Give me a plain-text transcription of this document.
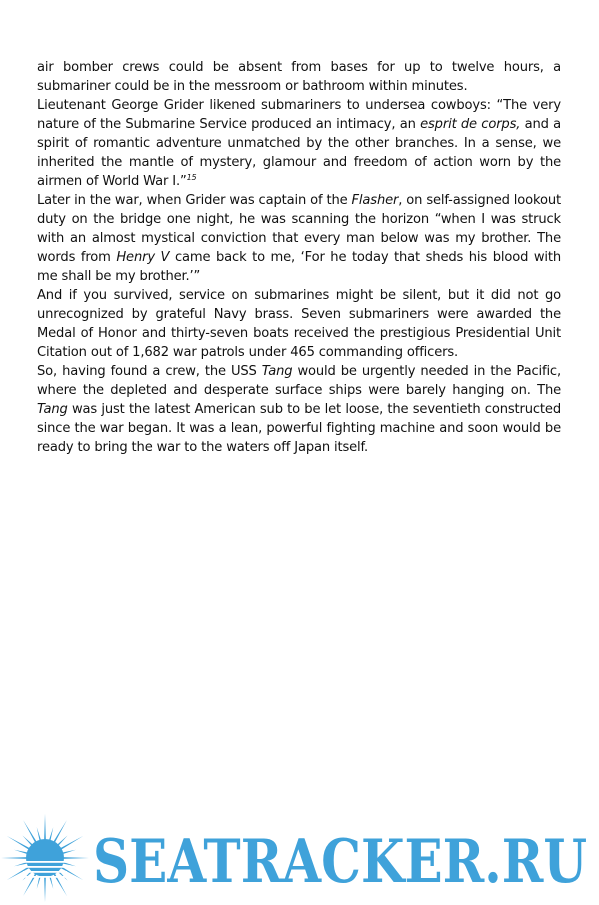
air bomber crews could be absent from bases for up to twelve hours, a submariner could be in the messroom or bathroom within minutes.

Lieutenant George Grider likened submariners to undersea cowboys: “The very nature of the Submarine Service produced an intimacy, an esprit de corps, and a spirit of romantic adventure unmatched by the other branches. In a sense, we inherited the mantle of mystery, glamour and freedom of action worn by the airmen of World War I.”$^{15}$

Later in the war, when Grider was captain of the Flasher, on self-assigned lookout duty on the bridge one night, he was scanning the horizon “when I was struck with an almost mystical conviction that every man below was my brother. The words from Henry V came back to me, ‘For he today that sheds his blood with me shall be my brother.’”

And if you survived, service on submarines might be silent, but it did not go unrecognized by grateful Navy brass. Seven submariners were awarded the Medal of Honor and thirty-seven boats received the prestigious Presidential Unit Citation out of 1,682 war patrols under 465 commanding officers.

So, having found a crew, the USS Tang would be urgently needed in the Pacific, where the depleted and desperate surface ships were barely hanging on. The Tang was just the latest American sub to be let loose, the seventieth constructed since the war began. It was a lean, powerful fighting machine and soon would be ready to bring the war to the waters off Japan itself.

SEATRACKER.RU
